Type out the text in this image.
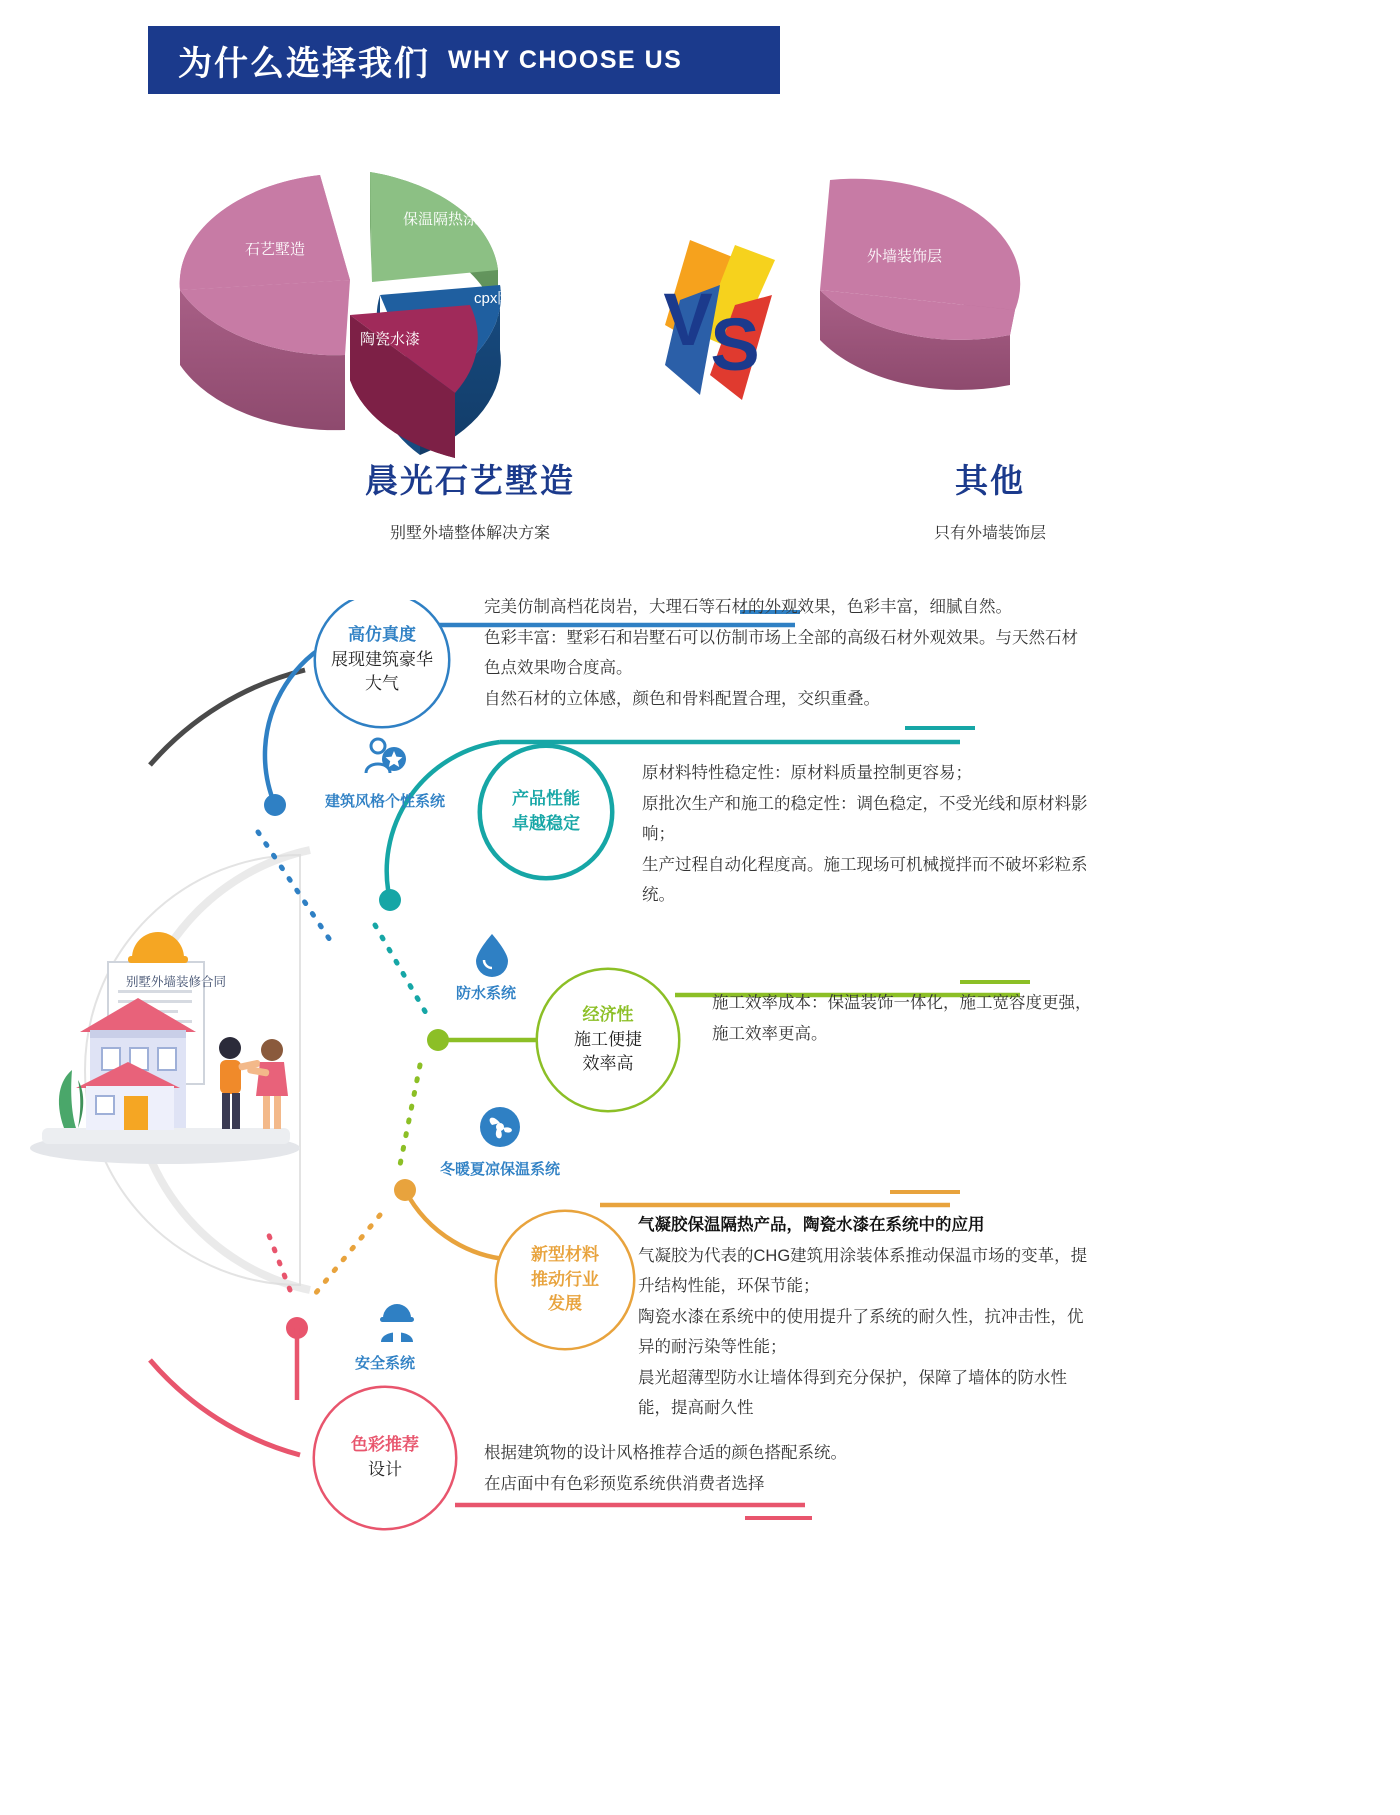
为什么选择我们 WHY CHOOSE US
V
S
石艺墅造
保温隔热涂料
cpx防水涂料
陶瓷水漆
外墙装饰层
晨光石艺墅造	其他
别墅外墙整体解决方案	只有外墙装饰层
别墅外墙装修合同
高仿真度
展现建筑豪华
大气
完美仿制高档花岗岩，大理石等石材的外观效果，色彩丰富，细腻自然。
色彩丰富：墅彩石和岩墅石可以仿制市场上全部的高级石材外观效果。与天然石材色点效果吻合度高。
自然石材的立体感，颜色和骨料配置合理，交织重叠。
建筑风格个性系统	产品性能
卓越稳定
原材料特性稳定性：原材料质量控制更容易；
原批次生产和施工的稳定性：调色稳定，不受光线和原材料影响；
生产过程自动化程度高。施工现场可机械搅拌而不破坏彩粒系统。
防水系统
经济性
施工便捷
效率高
施工效率成本：保温装饰一体化，施工宽容度更强，施工效率更高。
冬暖夏凉保温系统
新型材料
推动行业
发展
气凝胶保温隔热产品，陶瓷水漆在系统中的应用
气凝胶为代表的CHG建筑用涂装体系推动保温市场的变革，提升结构性能，环保节能；
陶瓷水漆在系统中的使用提升了系统的耐久性，抗冲击性，优异的耐污染等性能；
晨光超薄型防水让墙体得到充分保护，保障了墙体的防水性能，提高耐久性
安全系统
色彩推荐
设计
根据建筑物的设计风格推荐合适的颜色搭配系统。
在店面中有色彩预览系统供消费者选择
